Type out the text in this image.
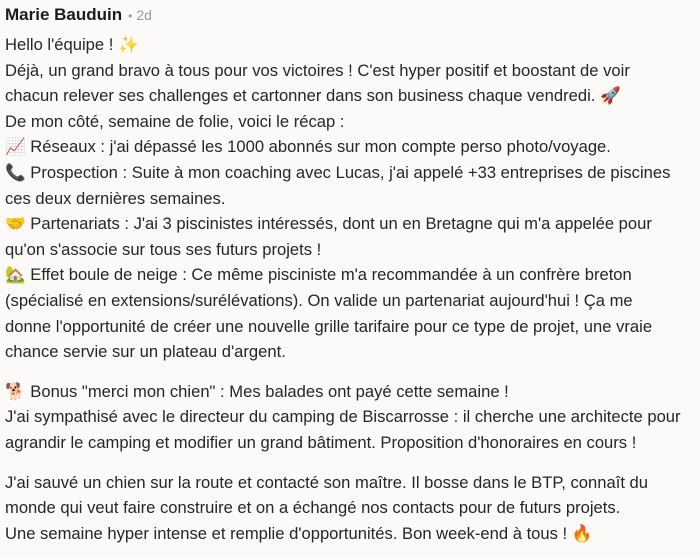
Marie Bauduin • 2d
Hello l'équipe ! ✨
Déjà, un grand bravo à tous pour vos victoires ! C'est hyper positif et boostant de voir
chacun relever ses challenges et cartonner dans son business chaque vendredi. 🚀
De mon côté, semaine de folie, voici le récap :
📈 Réseaux : j'ai dépassé les 1000 abonnés sur mon compte perso photo/voyage.
📞 Prospection : Suite à mon coaching avec Lucas, j'ai appelé +33 entreprises de piscines
ces deux dernières semaines.
🤝 Partenariats : J'ai 3 piscinistes intéressés, dont un en Bretagne qui m'a appelée pour
qu'on s'associe sur tous ses futurs projets !
🏡 Effet boule de neige : Ce même pisciniste m'a recommandée à un confrère breton
(spécialisé en extensions/surélévations). On valide un partenariat aujourd'hui ! Ça me
donne l'opportunité de créer une nouvelle grille tarifaire pour ce type de projet, une vraie
chance servie sur un plateau d'argent.
🐕 Bonus "merci mon chien" : Mes balades ont payé cette semaine !
J'ai sympathisé avec le directeur du camping de Biscarrosse : il cherche une architecte pour
agrandir le camping et modifier un grand bâtiment. Proposition d'honoraires en cours !
J'ai sauvé un chien sur la route et contacté son maître. Il bosse dans le BTP, connaît du
monde qui veut faire construire et on a échangé nos contacts pour de futurs projets.
Une semaine hyper intense et remplie d'opportunités. Bon week-end à tous ! 🔥
